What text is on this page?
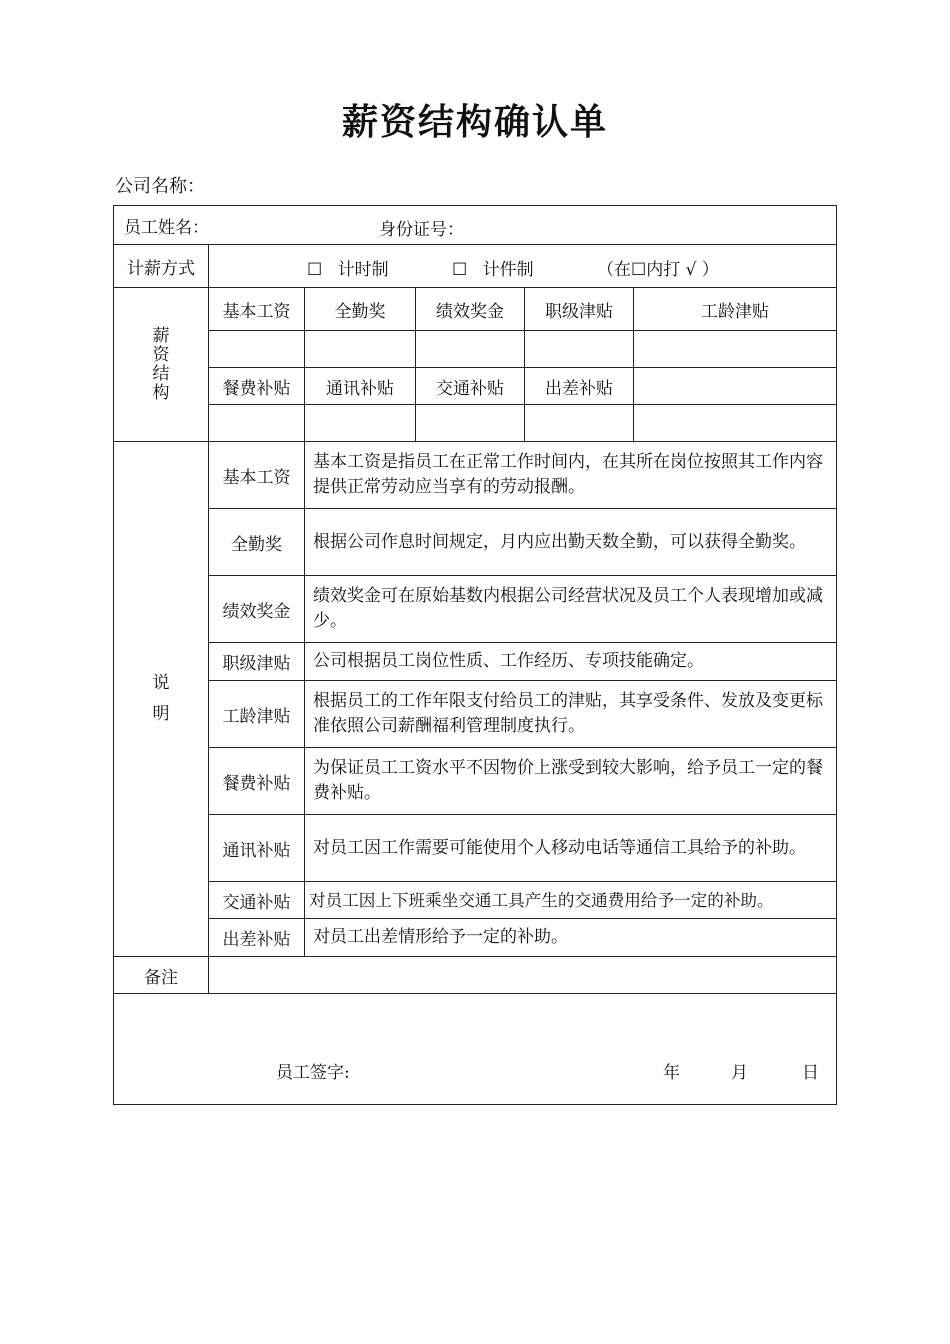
薪资结构确认单
公司名称：
员工姓名： 身份证号：					

计薪方式	☐ 计时制 ☐ 计件制 （在☐内打 √ ）				

薪资结构	基本工资	全勤奖	绩效奖金	职级津贴	工龄津贴

	餐费补贴	通讯补贴	交通补贴	出差补贴	

说明	基本工资	基本工资是指员工在正常工作时间内，在其所在岗位按照其工作内容提供正常劳动应当享有的劳动报酬。			
	全勤奖	根据公司作息时间规定，月内应出勤天数全勤，可以获得全勤奖。			
	绩效奖金	绩效奖金可在原始基数内根据公司经营状况及员工个人表现增加或减少。			
	职级津贴	公司根据员工岗位性质、工作经历、专项技能确定。			
	工龄津贴	根据员工的工作年限支付给员工的津贴，其享受条件、发放及变更标准依照公司薪酬福利管理制度执行。			
	餐费补贴	为保证员工工资水平不因物价上涨受到较大影响，给予员工一定的餐费补贴。			
	通讯补贴	对员工因工作需要可能使用个人移动电话等通信工具给予的补助。			
	交通补贴	对员工因上下班乘坐交通工具产生的交通费用给予一定的补助。			
	出差补贴	对员工出差情形给予一定的补助。			
备注					

员工签字: 年 月 日					
